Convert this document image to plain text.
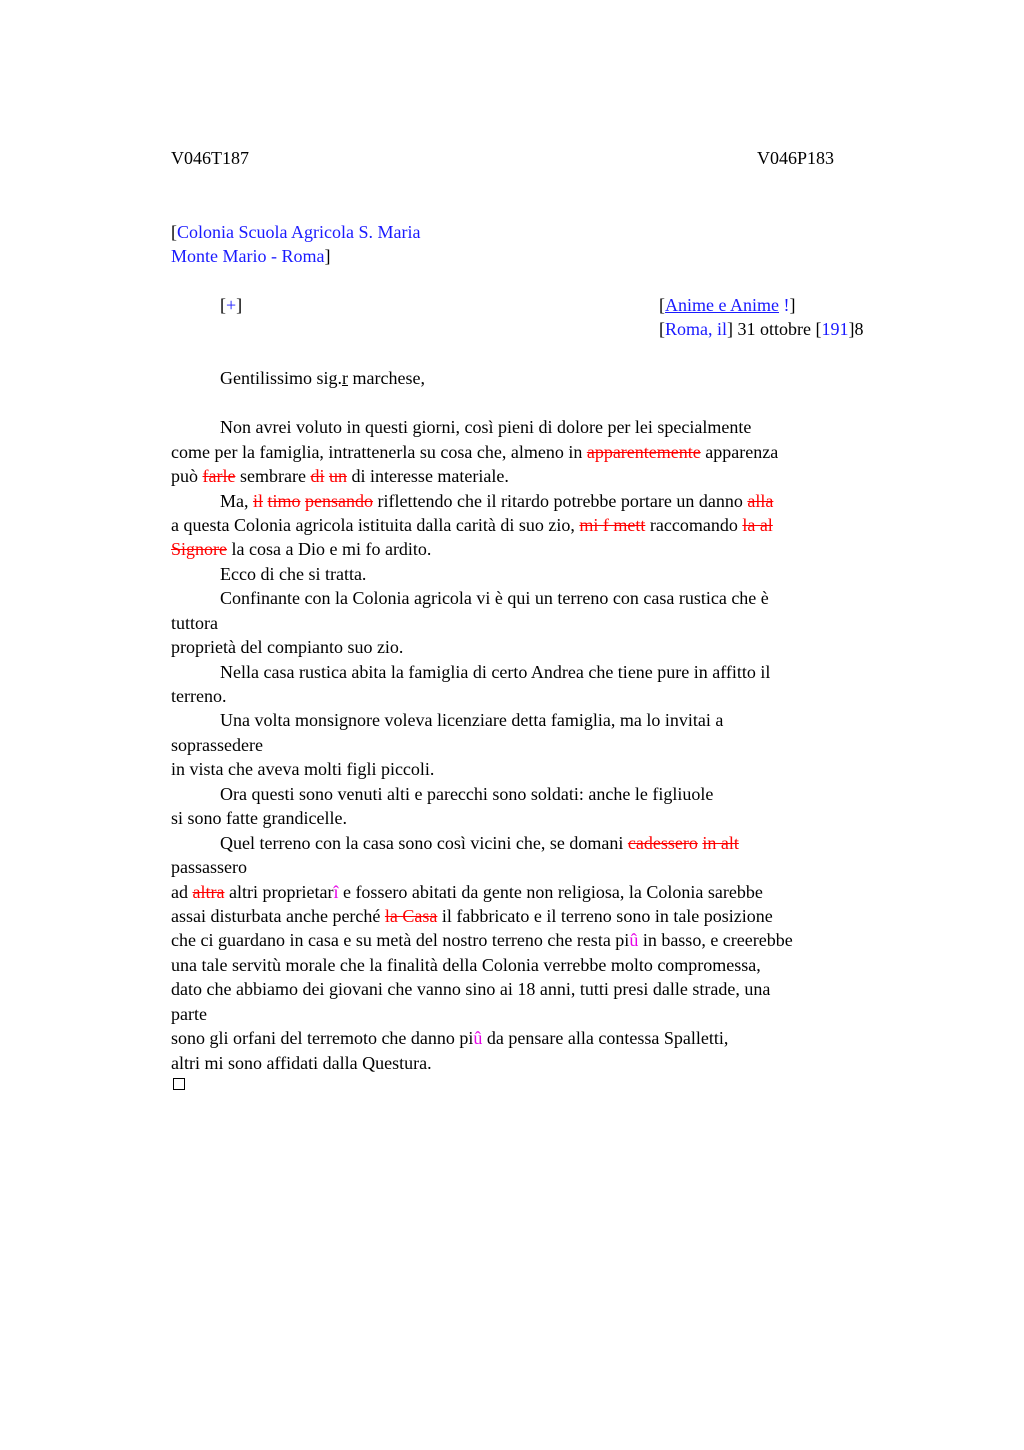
V046T187	V046P183
[Colonia Scuola Agricola S. Maria
Monte Mario - Roma]
[+]	[Anime e Anime !]
[Roma, il] 31 ottobre [191]8
Gentilissimo sig.r marchese,
Non avrei voluto in questi giorni, così pieni di dolore per lei specialmente
come per la famiglia, intrattenerla su cosa che, almeno in apparentemente apparenza
può farle sembrare di un di interesse materiale.
Ma, il timo pensando riflettendo che il ritardo potrebbe portare un danno alla
a questa Colonia agricola istituita dalla carità di suo zio, mi f mett raccomando la al
Signore la cosa a Dio e mi fo ardito.
Ecco di che si tratta.
Confinante con la Colonia agricola vi è qui un terreno con casa rustica che è
tuttora
proprietà del compianto suo zio.
Nella casa rustica abita la famiglia di certo Andrea che tiene pure in affitto il
terreno.
Una volta monsignore voleva licenziare detta famiglia, ma lo invitai a
soprassedere
in vista che aveva molti figli piccoli.
Ora questi sono venuti alti e parecchi sono soldati: anche le figliuole
si sono fatte grandicelle.
Quel terreno con la casa sono così vicini che, se domani cadessero in alt
passassero
ad altra altri proprietarî e fossero abitati da gente non religiosa, la Colonia sarebbe
assai disturbata anche perché la Casa il fabbricato e il terreno sono in tale posizione
che ci guardano in casa e su metà del nostro terreno che resta piû in basso, e creerebbe
una tale servitù morale che la finalità della Colonia verrebbe molto compromessa,
dato che abbiamo dei giovani che vanno sino ai 18 anni, tutti presi dalle strade, una
parte
sono gli orfani del terremoto che danno piû da pensare alla contessa Spalletti,
altri mi sono affidati dalla Questura.
